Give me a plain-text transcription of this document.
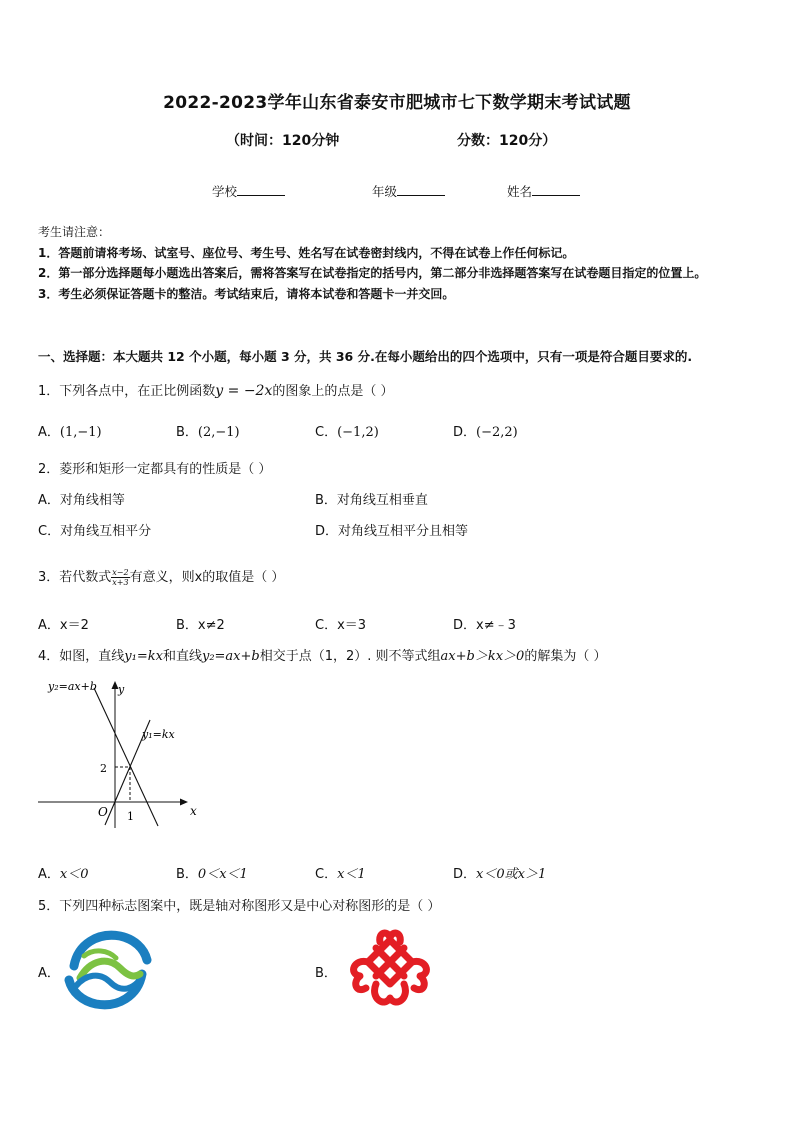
2022-2023学年山东省泰安市肥城市七下数学期末考试试题
（时间：120分钟	分数：120分）
学校	年级	姓名
考生请注意：
1．答题前请将考场、试室号、座位号、考生号、姓名写在试卷密封线内，不得在试卷上作任何标记。
2．第一部分选择题每小题选出答案后，需将答案写在试卷指定的括号内，第二部分非选择题答案写在试卷题目指定的位置上。
3．考生必须保证答题卡的整洁。考试结束后，请将本试卷和答题卡一并交回。
一、选择题：本大题共 12 个小题，每小题 3 分，共 36 分.在每小题给出的四个选项中，只有一项是符合题目要求的.
1．下列各点中，在正比例函数y = −2x的图象上的点是（ ）
A．(1,−1)	B．(2,−1)	C．(−1,2)	D．(−2,2)
2．菱形和矩形一定都具有的性质是（ ）
A．对角线相等	B．对角线互相垂直
C．对角线互相平分	D．对角线互相平分且相等
3．若代数式 $\frac{x-2}{x+3}$ 有意义，则x的取值是（ ）
A．x＝2	B．x≠2	C．x＝3	D．x≠﹣3
4．如图，直线y₁=kx和直线y₂=ax+b相交于点（1，2）. 则不等式组ax+b＞kx＞0的解集为（ ）
y₂=ax+b y
y₁=kx
2
O 1	x
A．x＜0	B．0＜x＜1	C．x＜1	D．x＜0或x＞1
5．下列四种标志图案中，既是轴对称图形又是中心对称图形的是（ ）
A．	B．
